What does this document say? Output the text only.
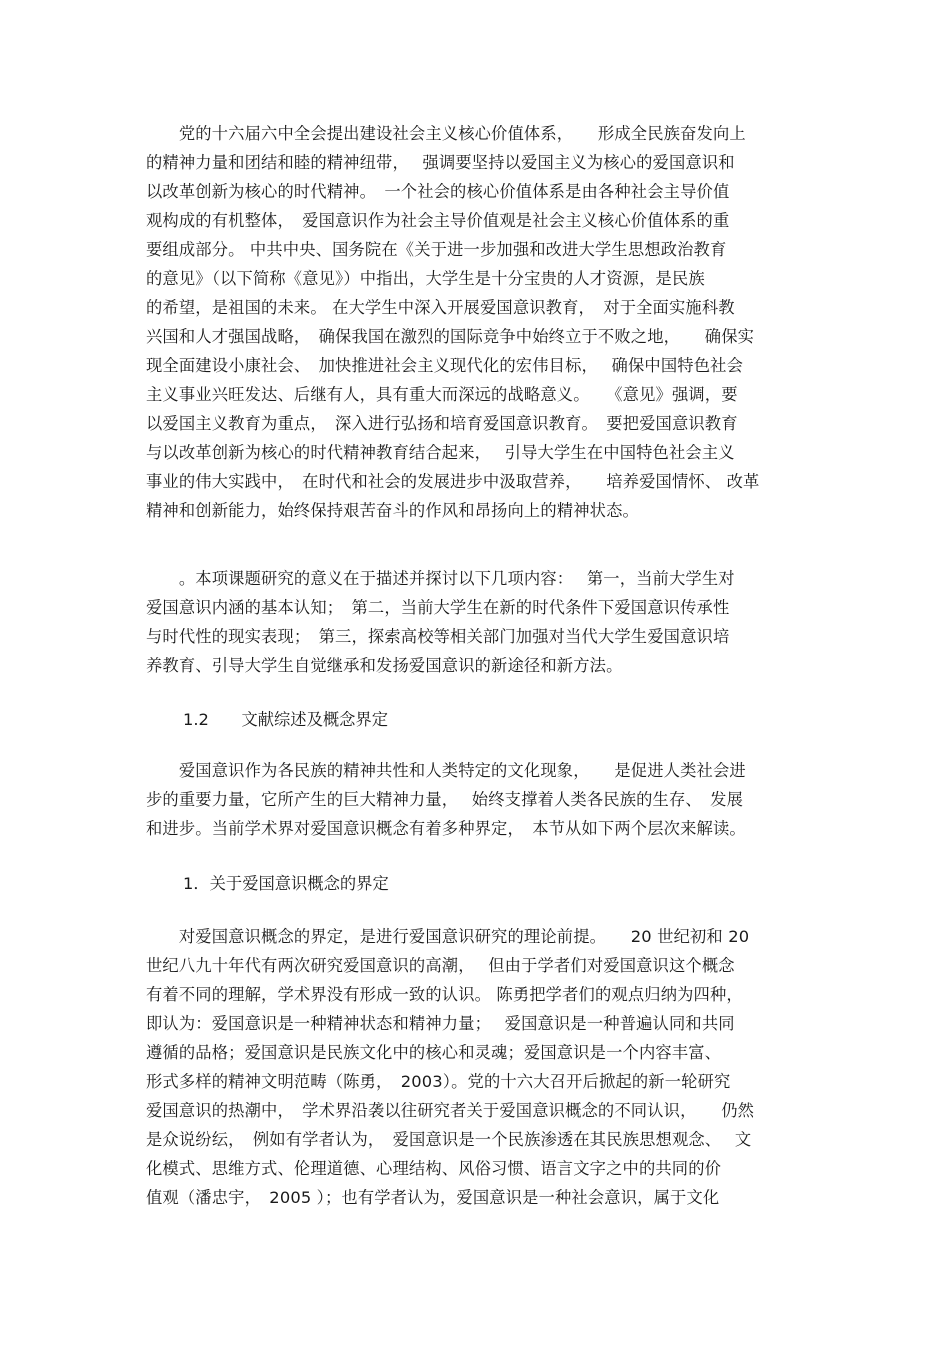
　　党的十六届六中全会提出建设社会主义核心价值体系，　　形成全民族奋发向上
的精神力量和团结和睦的精神纽带，　 强调要坚持以爱国主义为核心的爱国意识和
以改革创新为核心的时代精神。　一个社会的核心价值体系是由各种社会主导价值
观构成的有机整体，　爱国意识作为社会主导价值观是社会主义核心价值体系的重
要组成部分。 中共中央、国务院在《关于进一步加强和改进大学生思想政治教育
的意见》（以下简称《意见》）中指出，大学生是十分宝贵的人才资源，是民族
的希望，是祖国的未来。 在大学生中深入开展爱国意识教育，　对于全面实施科教
兴国和人才强国战略，　确保我国在激烈的国际竞争中始终立于不败之地，　　确保实
现全面建设小康社会、　加快推进社会主义现代化的宏伟目标，　 确保中国特色社会
主义事业兴旺发达、后继有人，具有重大而深远的战略意义。　　《意见》强调，要
以爱国主义教育为重点，　深入进行弘扬和培育爱国意识教育。　要把爱国意识教育
与以改革创新为核心的时代精神教育结合起来，　 引导大学生在中国特色社会主义
事业的伟大实践中，　在时代和社会的发展进步中汲取营养，　　培养爱国情怀、 改革
精神和创新能力，始终保持艰苦奋斗的作风和昂扬向上的精神状态。
　　。本项课题研究的意义在于描述并探讨以下几项内容：　 第一，当前大学生对
爱国意识内涵的基本认知；　第二，当前大学生在新的时代条件下爱国意识传承性
与时代性的现实表现；　第三，探索高校等相关部门加强对当代大学生爱国意识培
养教育、引导大学生自觉继承和发扬爱国意识的新途径和新方法。
1.2　　文献综述及概念界定
　　爱国意识作为各民族的精神共性和人类特定的文化现象，　　是促进人类社会进
步的重要力量，它所产生的巨大精神力量，　 始终支撑着人类各民族的生存、　发展
和进步。当前学术界对爱国意识概念有着多种界定，　本节从如下两个层次来解读。
1．关于爱国意识概念的界定
　　对爱国意识概念的界定，是进行爱国意识研究的理论前提。　　20 世纪初和 20
世纪八九十年代有两次研究爱国意识的高潮，　 但由于学者们对爱国意识这个概念
有着不同的理解，学术界没有形成一致的认识。 陈勇把学者们的观点归纳为四种，
即认为：爱国意识是一种精神状态和精神力量；　 爱国意识是一种普遍认同和共同
遵循的品格；爱国意识是民族文化中的核心和灵魂；爱国意识是一个内容丰富、
形式多样的精神文明范畴（陈勇，　2003）。党的十六大召开后掀起的新一轮研究
爱国意识的热潮中，　学术界沿袭以往研究者关于爱国意识概念的不同认识，　　仍然
是众说纷纭，　例如有学者认为，　爱国意识是一个民族渗透在其民族思想观念、　 文
化模式、思维方式、伦理道德、心理结构、风俗习惯、语言文字之中的共同的价
值观（潘忠宇，　2005 ）；也有学者认为，爱国意识是一种社会意识，属于文化
